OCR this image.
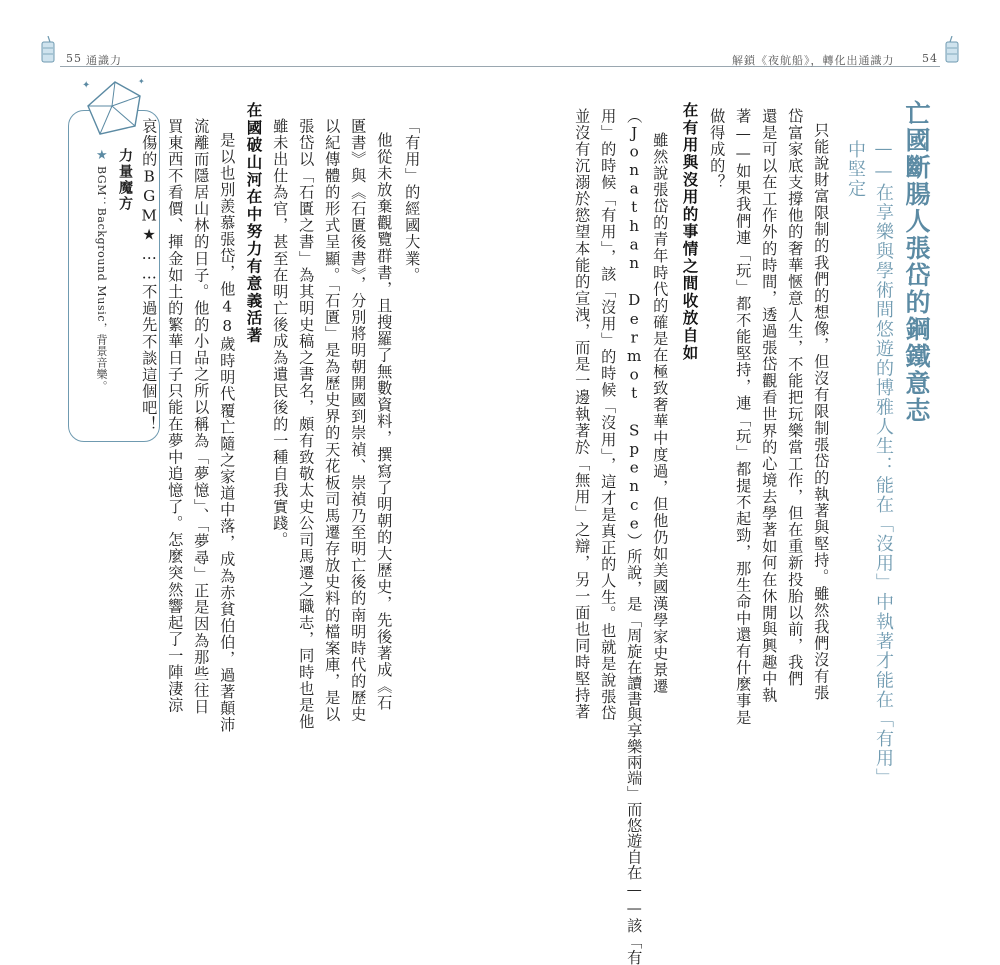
55 通識力	解鎖《夜航船》，轉化出通識力	54
✦	✦
力量魔方
★
BGM：Background Music，背景音樂。	「有用」的經國大業。
在國破山河在中努力有意義活著	他從未放棄觀覽群書，且搜羅了無數資料，撰寫了明朝的大歷史，先後著成《石
匱書》與《石匱後書》，分別將明朝開國到崇禎、崇禎乃至明亡後的南明時代的歷史
以紀傳體的形式呈顯。「石匱」是為歷史界的天花板司馬遷存放史料的檔案庫，是以
張岱以「石匱之書」為其明史稿之書名，頗有致敬太史公司馬遷之職志，同時也是他
雖未出仕為官，甚至在明亡後成為遺民後的一種自我實踐。
是以也別羨慕張岱，他48歲時明代覆亡隨之家道中落，成為赤貧伯伯，過著顛沛
流離而隱居山林的日子。他的小品之所以稱為「夢憶」、「夢尋」正是因為那些往日
買東西不看價、揮金如土的繁華日子只能在夢中追憶了。怎麼突然響起了一陣淒涼
哀傷的BGM★……不過先不談這個吧！	亡國斷腸人張岱的鋼鐵意志
——在享樂與學術間悠遊的博雅人生：能在「沒用」中執著才能在「有用」
中堅定
只能說財富限制的我們的想像，但沒有限制張岱的執著與堅持。雖然我們沒有張
岱富家底支撐他的奢華愜意人生，不能把玩樂當工作，但在重新投胎以前，我們
還是可以在工作外的時間，透過張岱觀看世界的心境去學著如何在休閒與興趣中執
著——如果我們連「玩」都不能堅持，連「玩」都提不起勁，那生命中還有什麼事是
做得成的？
在有用與沒用的事情之間收放自如
雖然說張岱的青年時代的確是在極致奢華中度過，但他仍如美國漢學家史景遷
（Jonathan Dermot Spence）所說，是「周旋在讀書與享樂兩端」而悠遊自在——該「有
用」的時候「有用」，該「沒用」的時候「沒用」，這才是真正的人生。也就是說張岱
並沒有沉溺於慾望本能的宣洩，而是一邊執著於「無用」之辯，另一面也同時堅持著
